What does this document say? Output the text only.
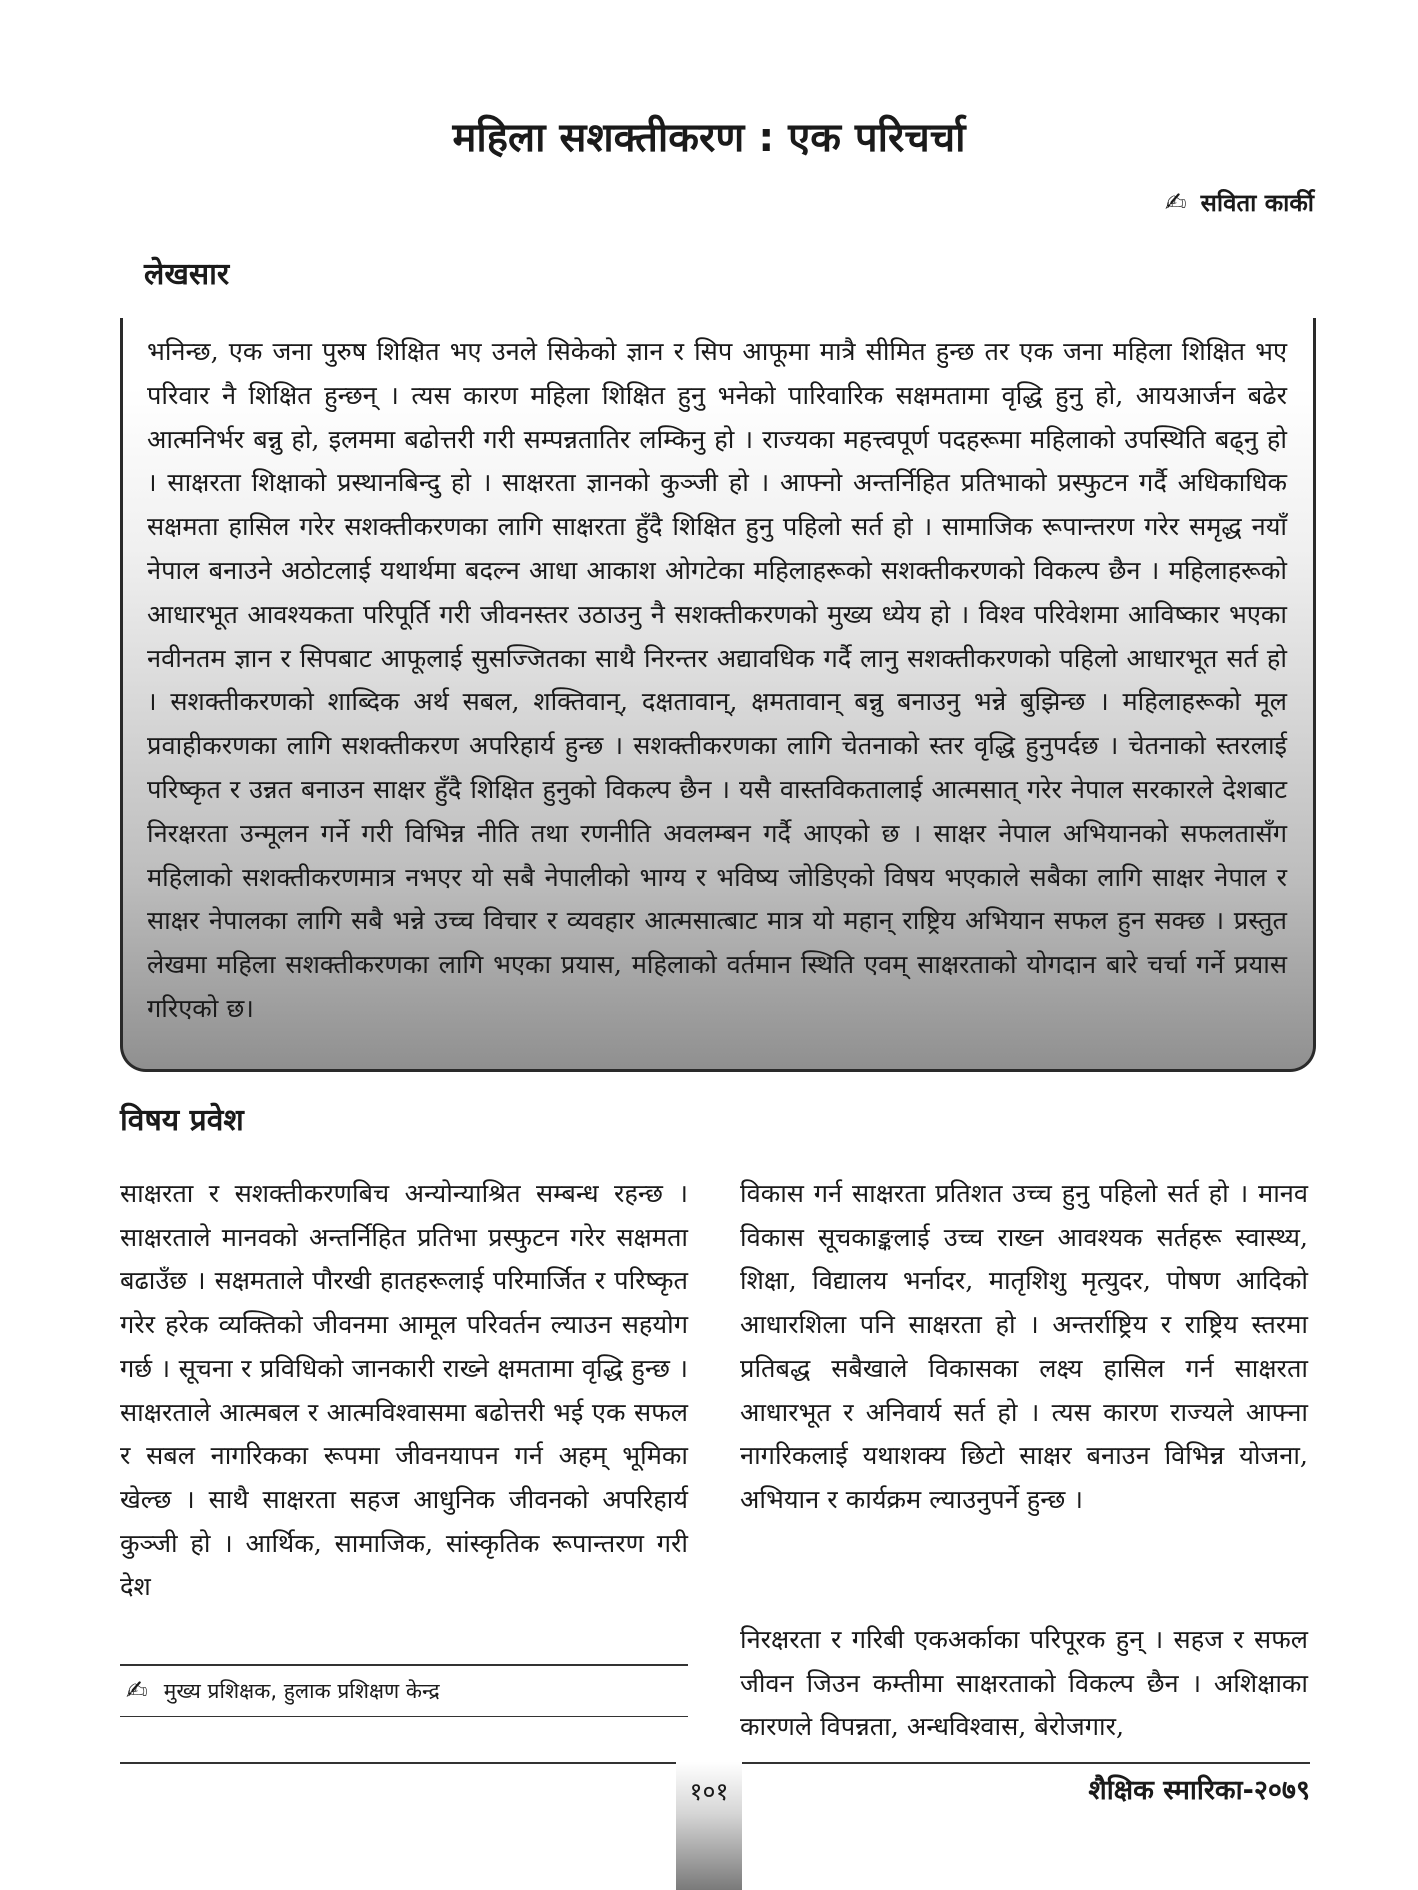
महिला सशक्तीकरण : एक परिचर्चा
✍ सविता कार्की
लेखसार

भनिन्छ, एक जना पुरुष शिक्षित भए उनले सिकेको ज्ञान र सिप आफूमा मात्रै सीमित हुन्छ तर एक जना महिला शिक्षित भए परिवार नै शिक्षित हुन्छन् । त्यस कारण महिला शिक्षित हुनु भनेको पारिवारिक सक्षमतामा वृद्धि हुनु हो, आयआर्जन बढेर आत्मनिर्भर बन्नु हो, इलममा बढोत्तरी गरी सम्पन्नतातिर लम्किनु हो । राज्यका महत्त्वपूर्ण पदहरूमा महिलाको उपस्थिति बढ्नु हो । साक्षरता शिक्षाको प्रस्थानबिन्दु हो । साक्षरता ज्ञानको कुञ्जी हो । आफ्नो अन्तर्निहित प्रतिभाको प्रस्फुटन गर्दै अधिकाधिक सक्षमता हासिल गरेर सशक्तीकरणका लागि साक्षरता हुँदै शिक्षित हुनु पहिलो सर्त हो । सामाजिक रूपान्तरण गरेर समृद्ध नयाँ नेपाल बनाउने अठोटलाई यथार्थमा बदल्न आधा आकाश ओगटेका महिलाहरूको सशक्तीकरणको विकल्प छैन । महिलाहरूको आधारभूत आवश्यकता परिपूर्ति गरी जीवनस्तर उठाउनु नै सशक्तीकरणको मुख्य ध्येय हो । विश्व परिवेशमा आविष्कार भएका नवीनतम ज्ञान र सिपबाट आफूलाई सुसज्जितका साथै निरन्तर अद्यावधिक गर्दै लानु सशक्तीकरणको पहिलो आधारभूत सर्त हो । सशक्तीकरणको शाब्दिक अर्थ सबल, शक्तिवान्, दक्षतावान्, क्षमतावान् बन्नु बनाउनु भन्ने बुझिन्छ । महिलाहरूको मूल प्रवाहीकरणका लागि सशक्तीकरण अपरिहार्य हुन्छ । सशक्तीकरणका लागि चेतनाको स्तर वृद्धि हुनुपर्दछ । चेतनाको स्तरलाई परिष्कृत र उन्नत बनाउन साक्षर हुँदै शिक्षित हुनुको विकल्प छैन । यसै वास्तविकतालाई आत्मसात् गरेर नेपाल सरकारले देशबाट निरक्षरता उन्मूलन गर्ने गरी विभिन्न नीति तथा रणनीति अवलम्बन गर्दै आएको छ । साक्षर नेपाल अभियानको सफलतासँग महिलाको सशक्तीकरणमात्र नभएर यो सबै नेपालीको भाग्य र भविष्य जोडिएको विषय भएकाले सबैका लागि साक्षर नेपाल र साक्षर नेपालका लागि सबै भन्ने उच्च विचार र व्यवहार आत्मसात्बाट मात्र यो महान् राष्ट्रिय अभियान सफल हुन सक्छ । प्रस्तुत लेखमा महिला सशक्तीकरणका लागि भएका प्रयास, महिलाको वर्तमान स्थिति एवम् साक्षरताको योगदान बारे चर्चा गर्ने प्रयास गरिएको छ।

विषय प्रवेश

साक्षरता र सशक्तीकरणबिच अन्योन्याश्रित सम्बन्ध रहन्छ । साक्षरताले मानवको अन्तर्निहित प्रतिभा प्रस्फुटन गरेर सक्षमता बढाउँछ । सक्षमताले पौरखी हातहरूलाई परिमार्जित र परिष्कृत गरेर हरेक व्यक्तिको जीवनमा आमूल परिवर्तन ल्याउन सहयोग गर्छ । सूचना र प्रविधिको जानकारी राख्ने क्षमतामा वृद्धि हुन्छ । साक्षरताले आत्मबल र आत्मविश्वासमा बढोत्तरी भई एक सफल र सबल नागरिकका रूपमा जीवनयापन गर्न अहम् भूमिका खेल्छ । साथै साक्षरता सहज आधुनिक जीवनको अपरिहार्य कुञ्जी हो । आर्थिक, सामाजिक, सांस्कृतिक रूपान्तरण गरी देश

विकास गर्न साक्षरता प्रतिशत उच्च हुनु पहिलो सर्त हो । मानव विकास सूचकाङ्कलाई उच्च राख्न आवश्यक सर्तहरू स्वास्थ्य, शिक्षा, विद्यालय भर्नादर, मातृशिशु मृत्युदर, पोषण आदिको आधारशिला पनि साक्षरता हो । अन्तर्राष्ट्रिय र राष्ट्रिय स्तरमा प्रतिबद्ध सबैखाले विकासका लक्ष्य हासिल गर्न साक्षरता आधारभूत र अनिवार्य सर्त हो । त्यस कारण राज्यले आफ्ना नागरिकलाई यथाशक्य छिटो साक्षर बनाउन विभिन्न योजना, अभियान र कार्यक्रम ल्याउनुपर्ने हुन्छ ।

निरक्षरता र गरिबी एकअर्काका परिपूरक हुन् । सहज र सफल जीवन जिउन कम्तीमा साक्षरताको विकल्प छैन । अशिक्षाका कारणले विपन्नता, अन्धविश्वास, बेरोजगार,

✍ मुख्य प्रशिक्षक, हुलाक प्रशिक्षण केन्द्र
१०१	शैक्षिक स्मारिका-२०७९
